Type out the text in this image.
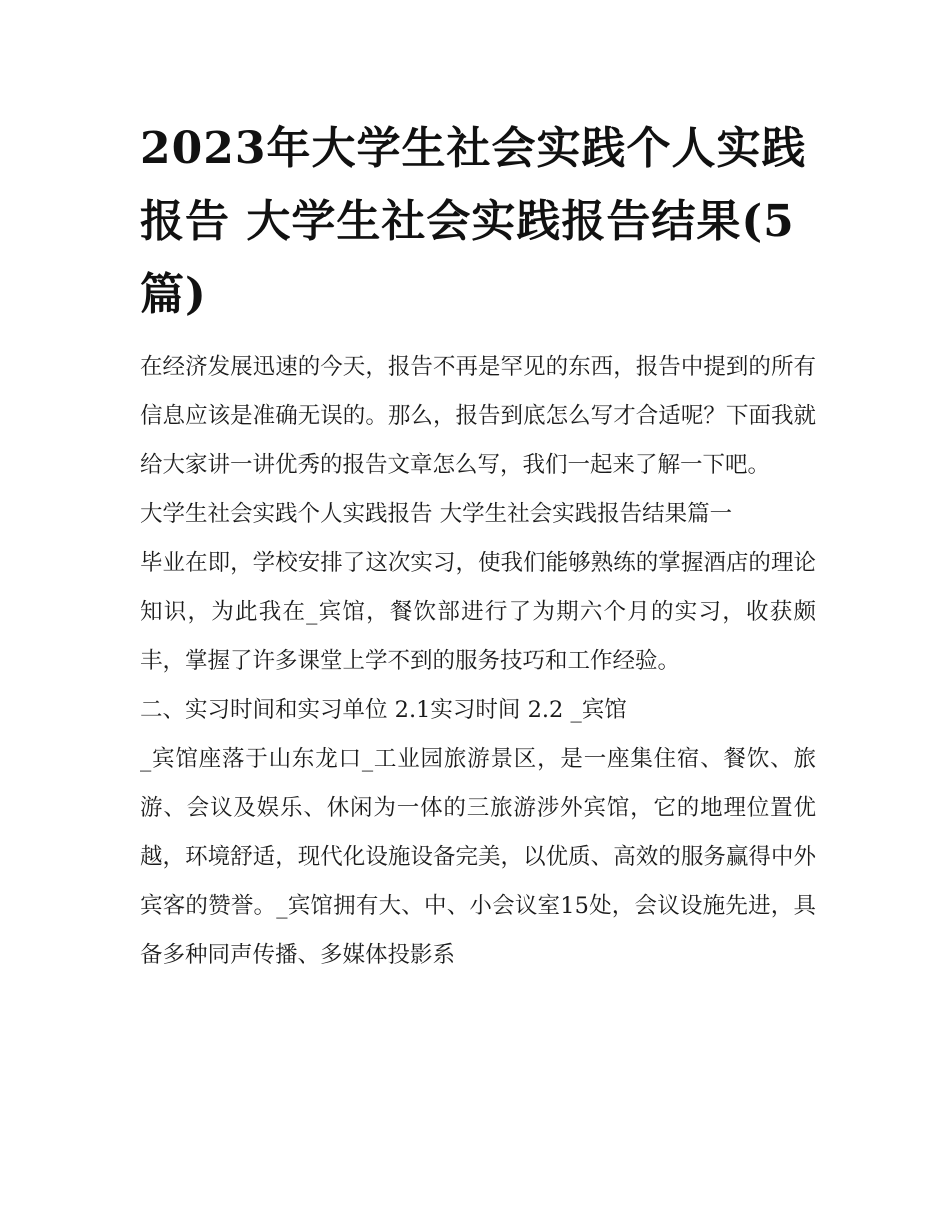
2023年大学生社会实践个人实践报告 大学生社会实践报告结果(5篇)

在经济发展迅速的今天，报告不再是罕见的东西，报告中提到的所有信息应该是准确无误的。那么，报告到底怎么写才合适呢？下面我就给大家讲一讲优秀的报告文章怎么写，我们一起来了解一下吧。

大学生社会实践个人实践报告 大学生社会实践报告结果篇一

毕业在即，学校安排了这次实习，使我们能够熟练的掌握酒店的理论知识，为此我在_宾馆，餐饮部进行了为期六个月的实习，收获颇丰，掌握了许多课堂上学不到的服务技巧和工作经验。

二、实习时间和实习单位 2.1实习时间 2.2 _宾馆

_宾馆座落于山东龙口_工业园旅游景区，是一座集住宿、餐饮、旅游、会议及娱乐、休闲为一体的三旅游涉外宾馆，它的地理位置优越，环境舒适，现代化设施设备完美，以优质、高效的服务赢得中外宾客的赞誉。_宾馆拥有大、中、小会议室15处，会议设施先进，具备多种同声传播、多媒体投影系
